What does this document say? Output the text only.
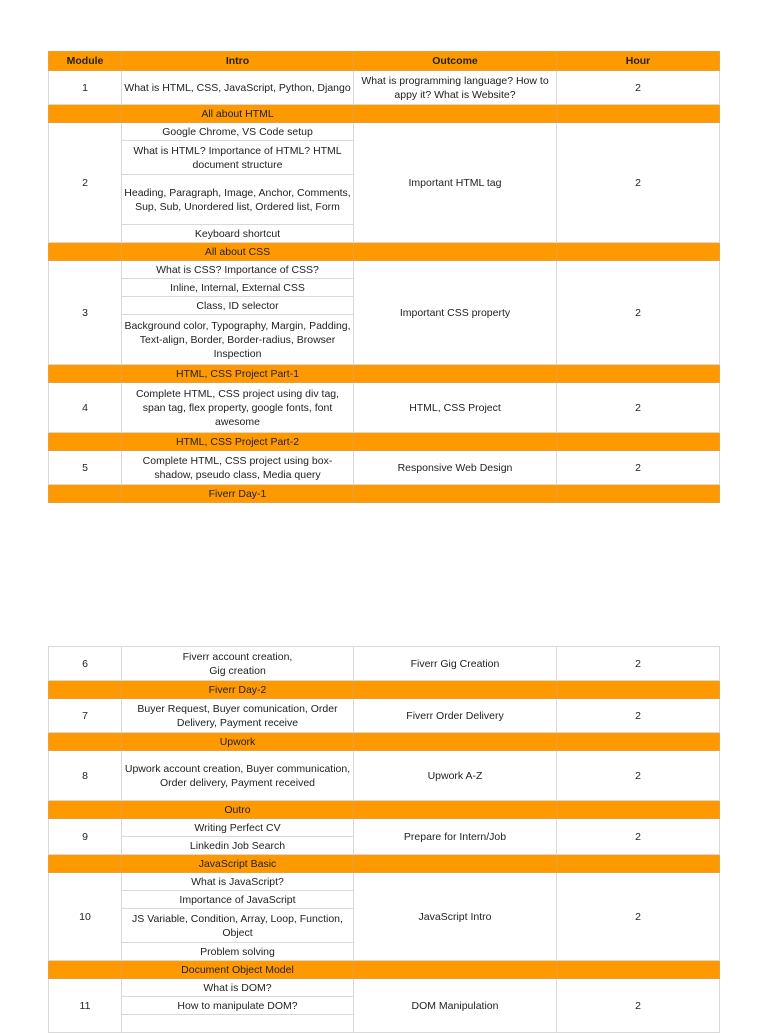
Module	Intro	Outcome	Hour
1	What is HTML, CSS, JavaScript, Python, Django	What is programming language? How to appy it? What is Website?	2
	All about HTML		
2	Google Chrome, VS Code setup	Important HTML tag	2
	What is HTML? Importance of HTML? HTML document structure		
	Heading, Paragraph, Image, Anchor, Comments, Sup, Sub, Unordered list, Ordered list, Form		
	Keyboard shortcut		
	All about CSS		
3	What is CSS? Importance of CSS?	Important CSS property	2
	Inline, Internal, External CSS		
	Class, ID selector		
	Background color, Typography, Margin, Padding, Text-align, Border, Border-radius, Browser Inspection		
	HTML, CSS Project Part-1		
4	Complete HTML, CSS project using div tag, span tag, flex property, google fonts, font awesome	HTML, CSS Project	2
	HTML, CSS Project Part-2		
5	Complete HTML, CSS project using box-shadow, pseudo class, Media query	Responsive Web Design	2
	Fiverr Day-1		
6	Fiverr account creation,
Gig creation	Fiverr Gig Creation	2
	Fiverr Day-2		
7	Buyer Request, Buyer comunication, Order Delivery, Payment receive	Fiverr Order Delivery	2
	Upwork		
8	Upwork account creation, Buyer communication, Order delivery, Payment received	Upwork A-Z	2
	Outro		
9	Writing Perfect CV	Prepare for Intern/Job	2
	Linkedin Job Search		
	JavaScript Basic		
10	What is JavaScript?	JavaScript Intro	2
	Importance of JavaScript		
	JS Variable, Condition, Array, Loop, Function, Object		
	Problem solving		
	Document Object Model		
11	What is DOM?	DOM Manipulation	2
	How to manipulate DOM?		
